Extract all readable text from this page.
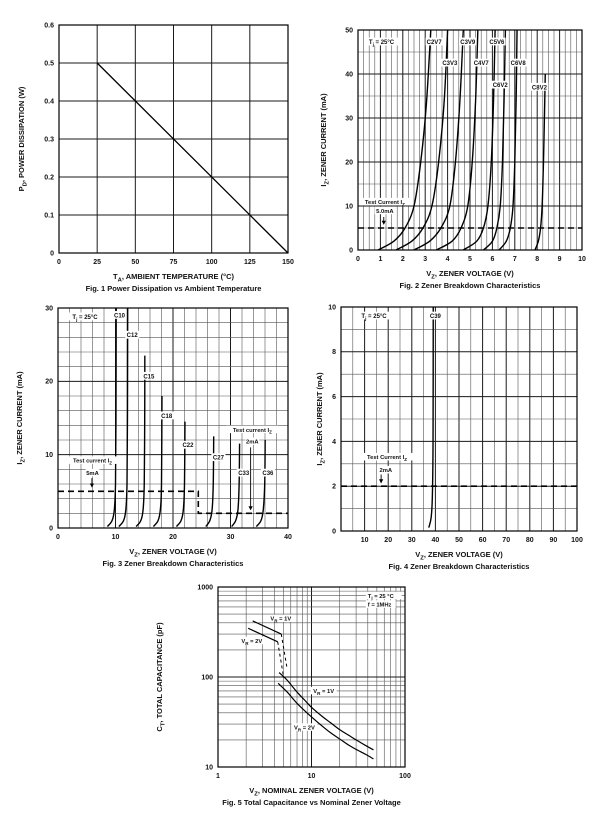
0	25	50	75	100	125	150
0
0.1
0.2
0.3
0.4
0.5
0.6
$T_A$, AMBIENT TEMPERATURE (°C)
$P_D$, POWER DISSIPATION (W)
Fig. 1 Power Dissipation vs Ambient Temperature
$T_j = 25^\circ C$	C2V7	C3V9 C5V6
C3V3	C4V7	C6V8
C6V2	C8V2
Test Current $I_Z$
5.0mA
0	1	2	3	4	5	6	7	8	9 10
0
10
20
30
40
50
$V_Z$, ZENER VOLTAGE (V)
$I_Z$, ZENER CURRENT (mA)
Fig. 2 Zener Breakdown Characteristics
$T_j = 25^\circ C$	C10
C12
C15
C18
C22
C27
C33 C36
Test current $I_Z$
5mA
Test current $I_Z$
2mA
0	10	20	30	40
0
10
20
30
$V_Z$, ZENER VOLTAGE (V)
$I_Z$, ZENER CURRENT (mA)
Fig. 3 Zener Breakdown Characteristics
$T_j = 25^\circ C$	C39
Test Current $I_Z$
2mA
10 20 30 40 50 60 70 80 90 100
0
2
4
6
8
10
$V_Z$, ZENER VOLTAGE (V)
$I_Z$, ZENER CURRENT (mA)
Fig. 4 Zener Breakdown Characteristics
$V_R = 1V$
$V_R = 2V$
$V_R = 1V$
$V_R = 2V$
$T_j = 25$ °C
f = 1MHz
1	10	100
10
100
1000
$V_Z$, NOMINAL ZENER VOLTAGE (V)
$C_T$, TOTAL CAPACITANCE (pF)
Fig. 5 Total Capacitance vs Nominal Zener Voltage
